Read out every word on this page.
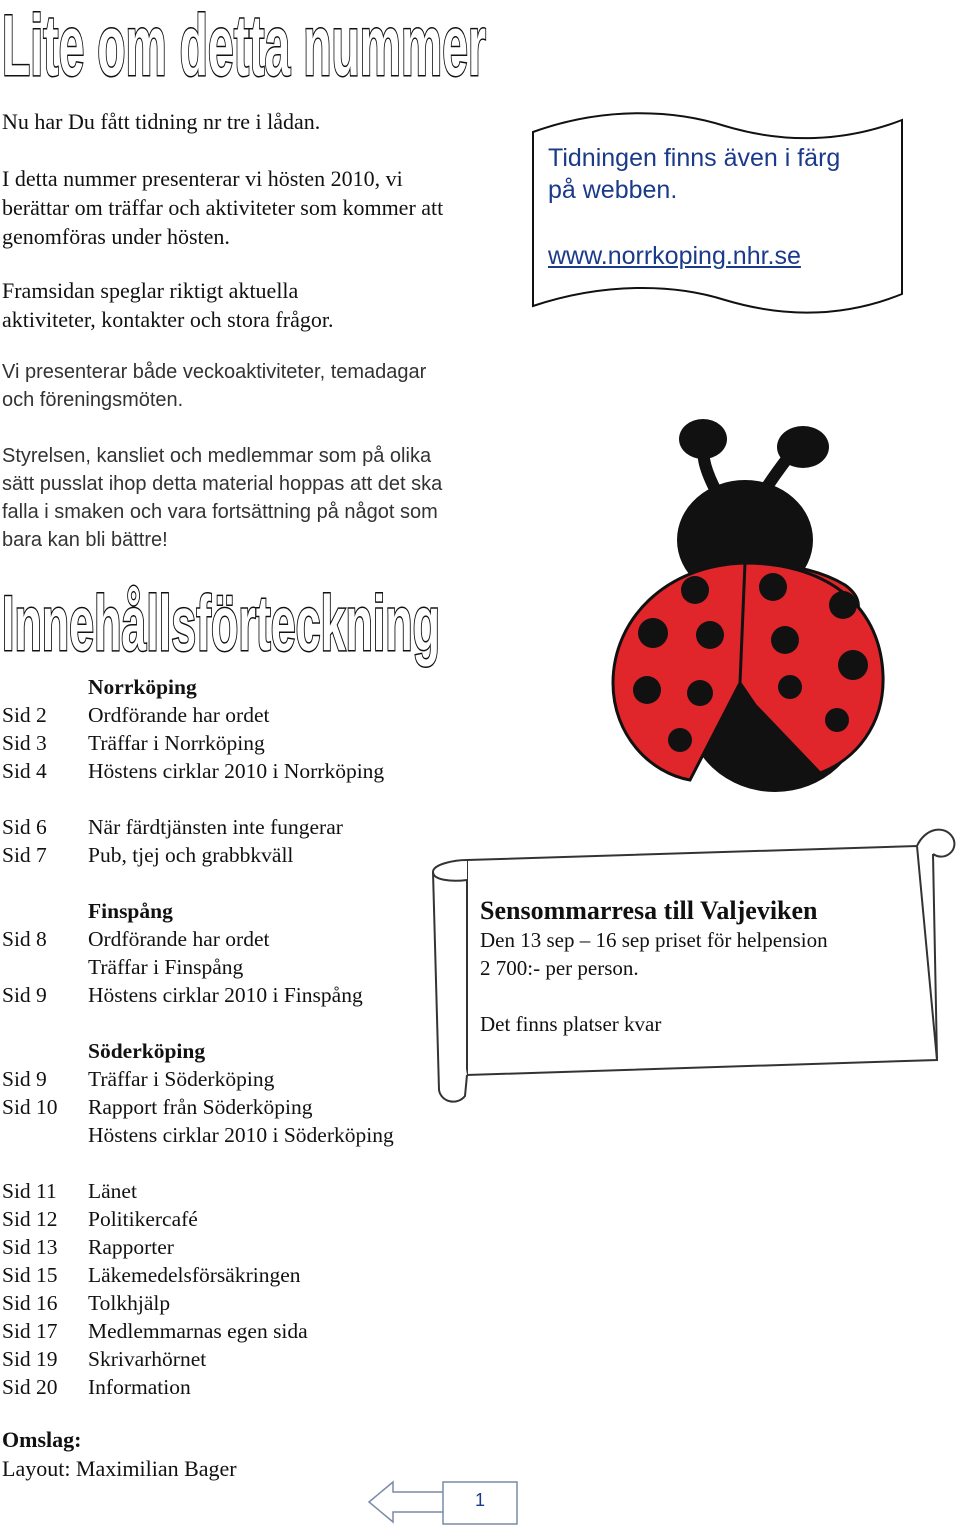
Lite om detta nummer

Nu har Du fått tidning nr tre i lådan.

I detta nummer presenterar vi hösten 2010, vi

berättar om träffar och aktiviteter som kommer att

genomföras under hösten.

Framsidan speglar riktigt aktuella

aktiviteter, kontakter och stora frågor.

Vi presenterar både veckoaktiviteter, temadagar

och föreningsmöten.

Styrelsen, kansliet och medlemmar som på olika

sätt pusslat ihop detta material hoppas att det ska

falla i smaken och vara fortsättning på något som

bara kan bli bättre!

Tidningen finns även i färg

på webben.

www.norrkoping.nhr.se

Innehållsförteckning
Norrköping
Sid 2	Ordförande har ordet
Sid 3	Träffar i Norrköping
Sid 4	Höstens cirklar 2010 i Norrköping
Sid 6	När färdtjänsten inte fungerar
Sid 7	Pub, tjej och grabbkväll
Finspång
Sid 8	Ordförande har ordet
Träffar i Finspång
Sid 9	Höstens cirklar 2010 i Finspång
Söderköping
Sid 9	Träffar i Söderköping
Sid 10	Rapport från Söderköping
Höstens cirklar 2010 i Söderköping
Sid 11	Länet
Sid 12	Politikercafé
Sid 13	Rapporter
Sid 15	Läkemedelsförsäkringen
Sid 16	Tolkhjälp
Sid 17	Medlemmarnas egen sida
Sid 19	Skrivarhörnet
Sid 20	Information

Sensommarresa till Valjeviken

Den 13 sep – 16 sep priset för helpension

2 700:- per person.

Det finns platser kvar

Omslag:

Layout: Maximilian Bager

1
